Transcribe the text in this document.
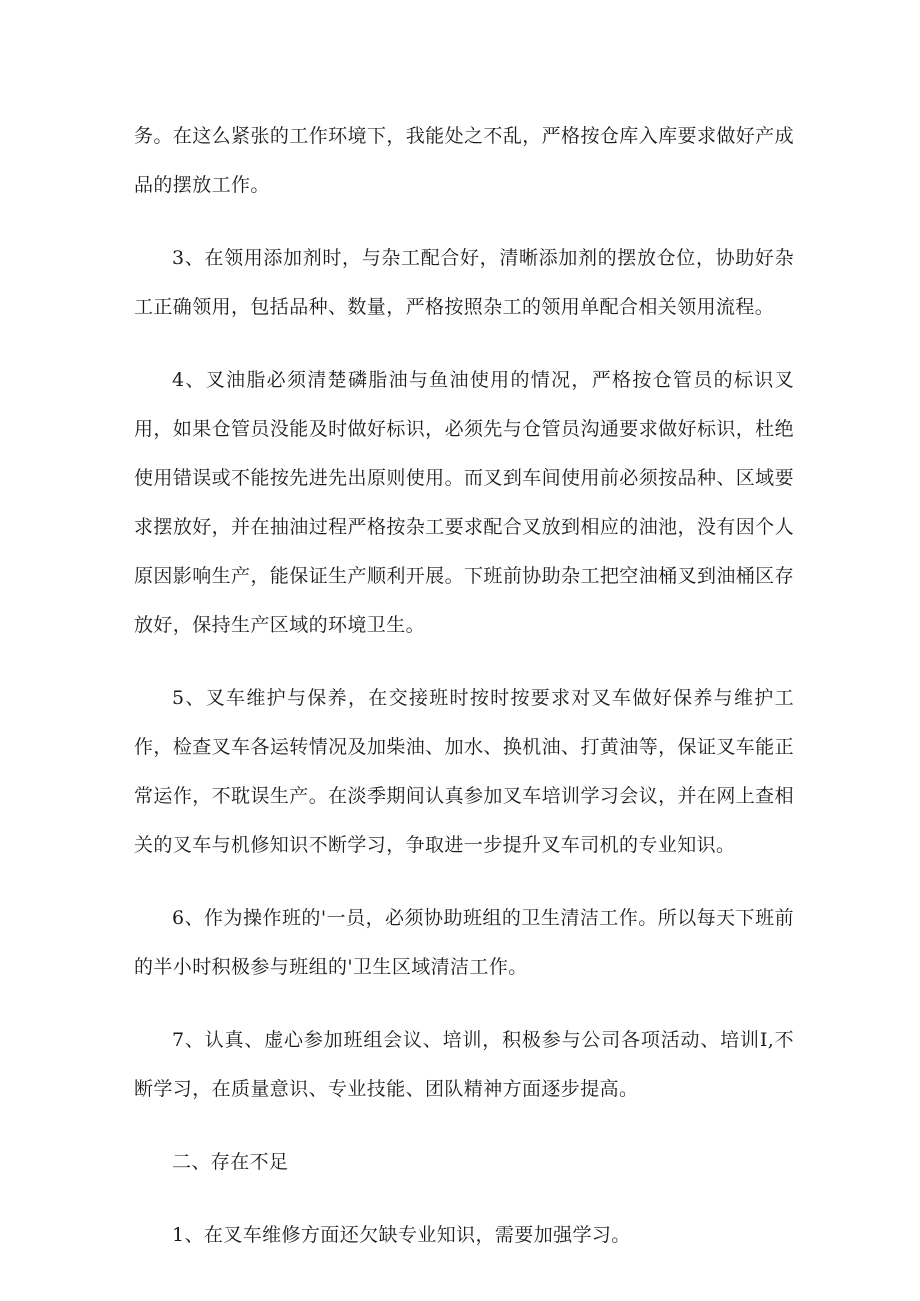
务。在这么紧张的工作环境下，我能处之不乱，严格按仓库入库要求做好产成品的摆放工作。

3、在领用添加剂时，与杂工配合好，清晰添加剂的摆放仓位，协助好杂工正确领用，包括品种、数量，严格按照杂工的领用单配合相关领用流程。

4、叉油脂必须清楚磷脂油与鱼油使用的情况，严格按仓管员的标识叉用，如果仓管员没能及时做好标识，必须先与仓管员沟通要求做好标识，杜绝使用错误或不能按先进先出原则使用。而叉到车间使用前必须按品种、区域要求摆放好，并在抽油过程严格按杂工要求配合叉放到相应的油池，没有因个人原因影响生产，能保证生产顺利开展。下班前协助杂工把空油桶叉到油桶区存放好，保持生产区域的环境卫生。

5、叉车维护与保养，在交接班时按时按要求对叉车做好保养与维护工作，检查叉车各运转情况及加柴油、加水、换机油、打黄油等，保证叉车能正常运作，不耽误生产。在淡季期间认真参加叉车培训学习会议，并在网上查相关的叉车与机修知识不断学习，争取进一步提升叉车司机的专业知识。

6、作为操作班的'一员，必须协助班组的卫生清洁工作。所以每天下班前的半小时积极参与班组的'卫生区域清洁工作。

7、认真、虚心参加班组会议、培训，积极参与公司各项活动、培训I,不断学习，在质量意识、专业技能、团队精神方面逐步提高。

二、存在不足

1、在叉车维修方面还欠缺专业知识，需要加强学习。
